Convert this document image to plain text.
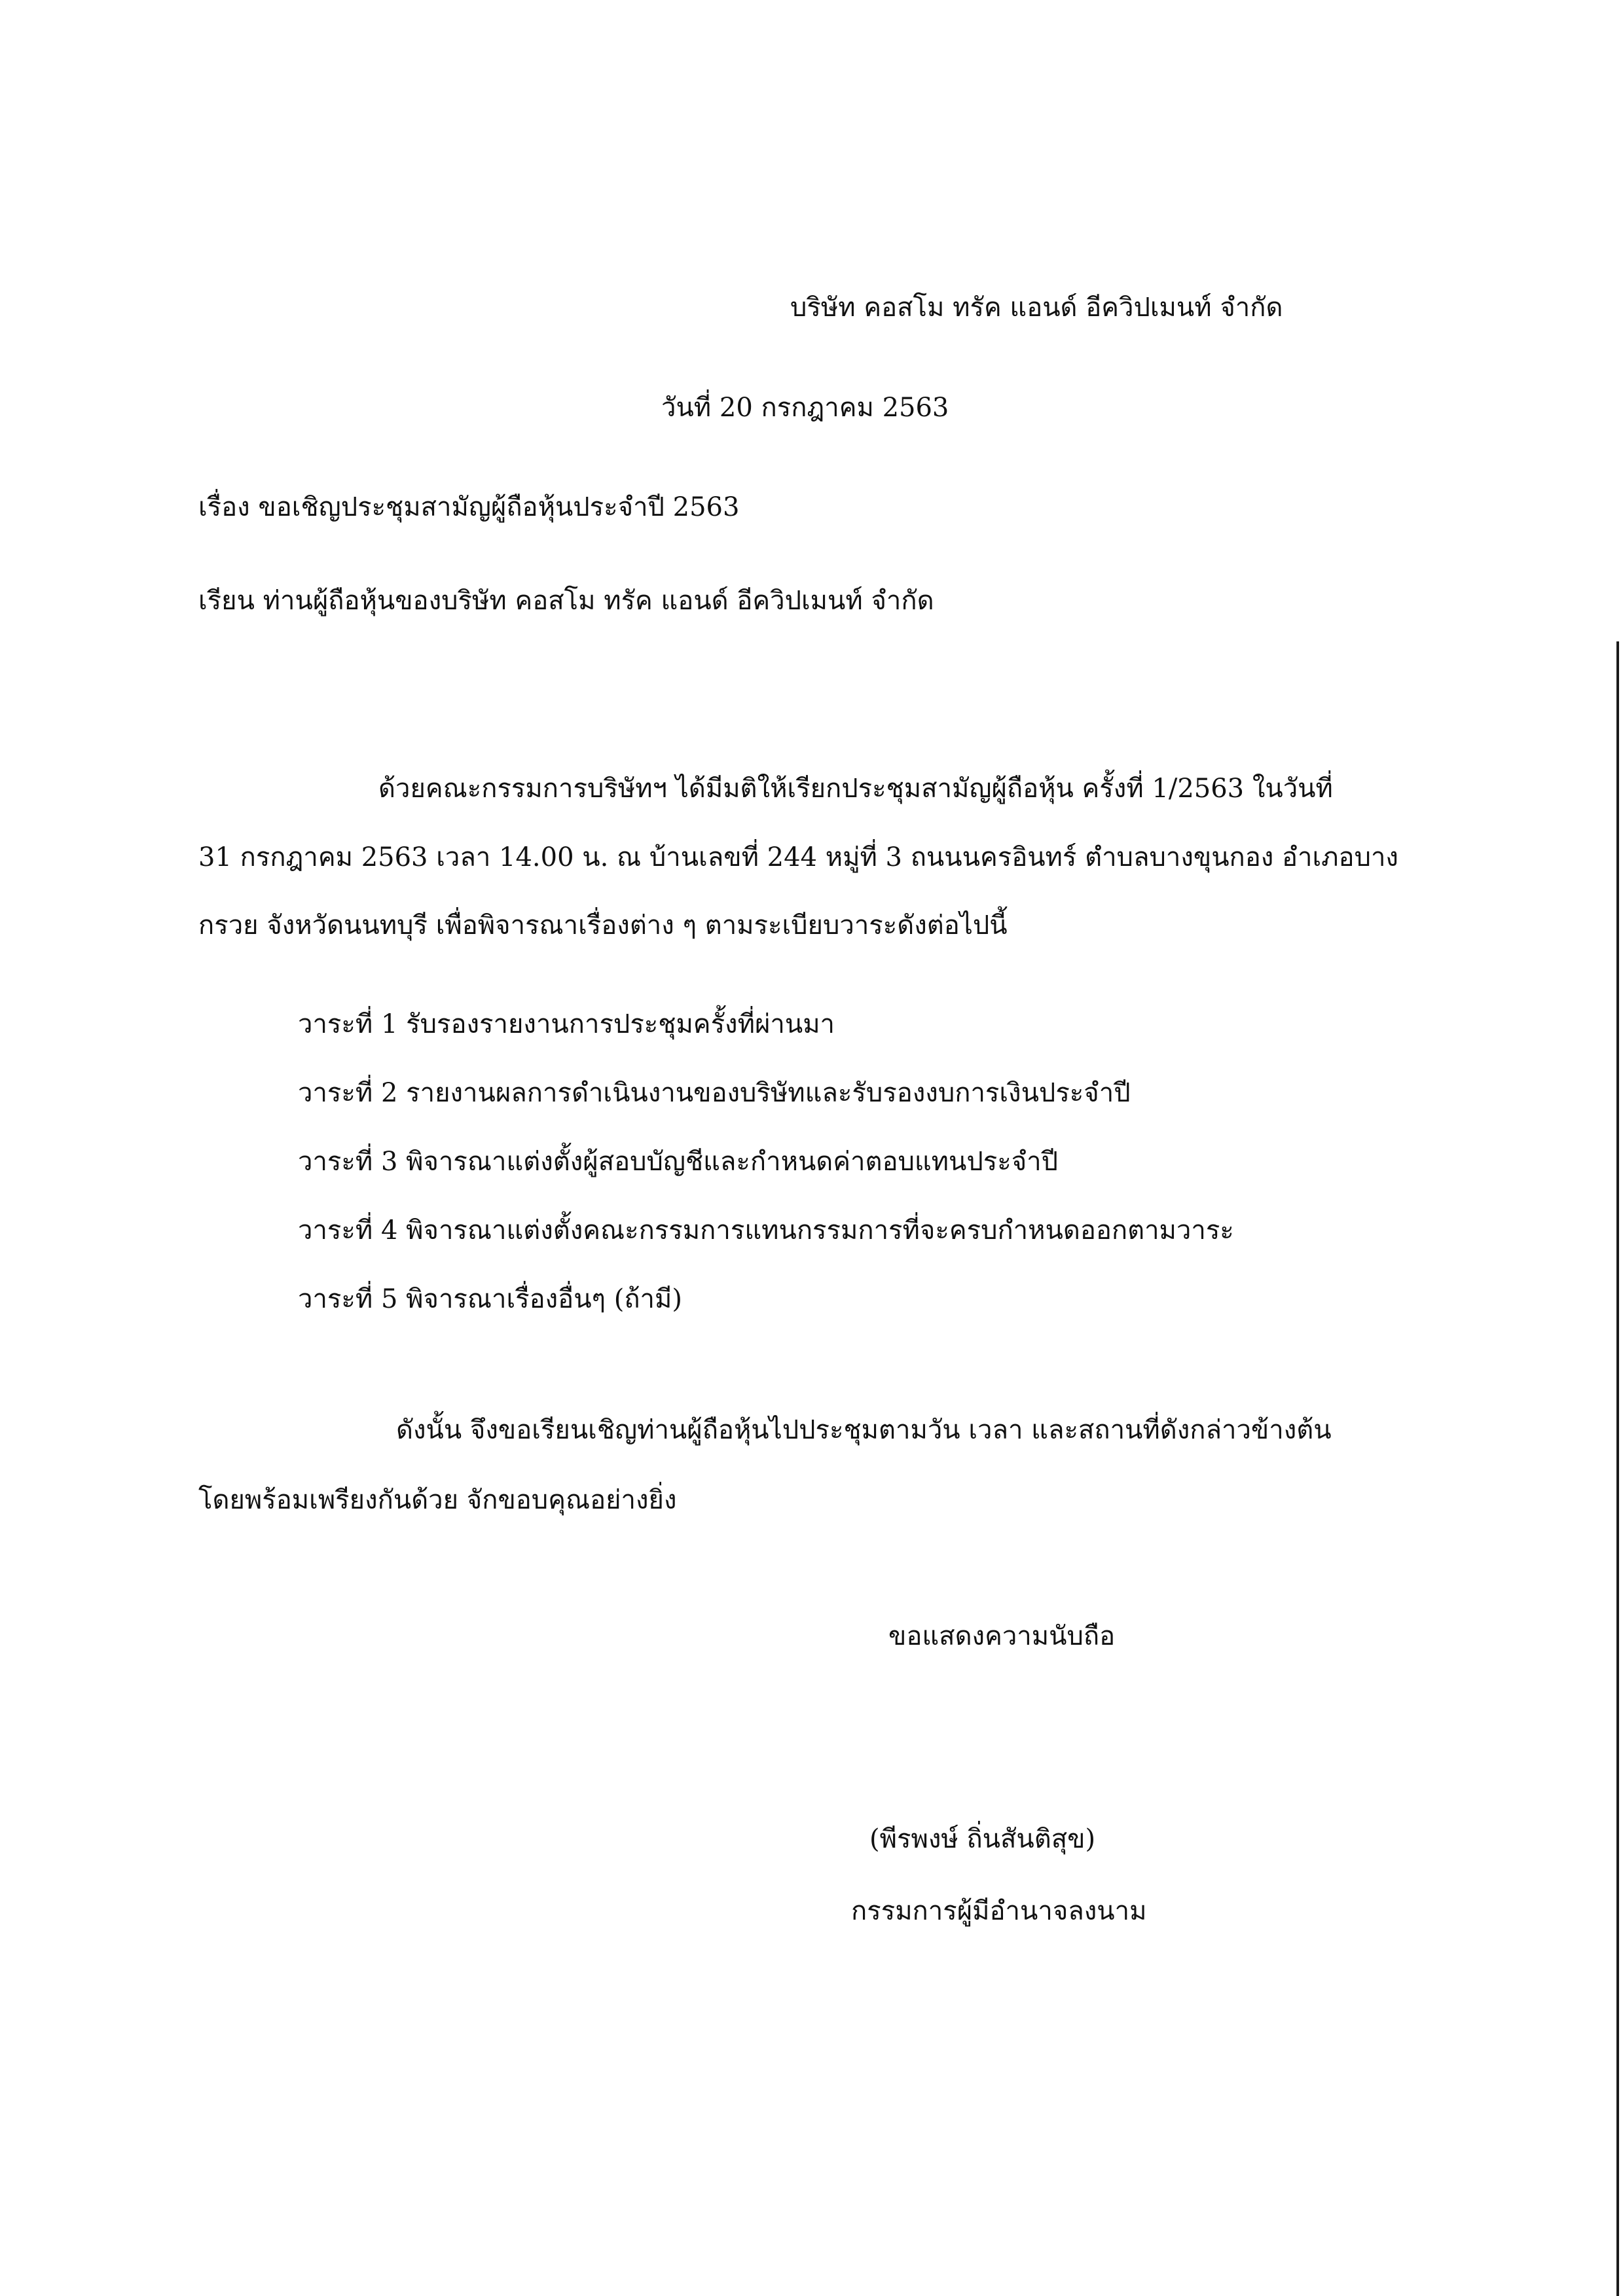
บริษัท คอสโม ทรัค แอนด์ อีควิปเมนท์ จำกัด
วันที่ 20 กรกฎาคม 2563
เรื่อง ขอเชิญประชุมสามัญผู้ถือหุ้นประจำปี 2563
เรียน ท่านผู้ถือหุ้นของบริษัท คอสโม ทรัค แอนด์ อีควิปเมนท์ จำกัด
ด้วยคณะกรรมการบริษัทฯ ได้มีมติให้เรียกประชุมสามัญผู้ถือหุ้น ครั้งที่ 1/2563 ในวันที่
31 กรกฎาคม 2563 เวลา 14.00 น. ณ บ้านเลขที่ 244 หมู่ที่ 3 ถนนนครอินทร์ ตำบลบางขุนกอง อำเภอบาง
กรวย จังหวัดนนทบุรี เพื่อพิจารณาเรื่องต่าง ๆ ตามระเบียบวาระดังต่อไปนี้
วาระที่ 1 รับรองรายงานการประชุมครั้งที่ผ่านมา
วาระที่ 2 รายงานผลการดำเนินงานของบริษัทและรับรองงบการเงินประจำปี
วาระที่ 3 พิจารณาแต่งตั้งผู้สอบบัญชีและกำหนดค่าตอบแทนประจำปี
วาระที่ 4 พิจารณาแต่งตั้งคณะกรรมการแทนกรรมการที่จะครบกำหนดออกตามวาระ
วาระที่ 5 พิจารณาเรื่องอื่นๆ (ถ้ามี)
ดังนั้น จึงขอเรียนเชิญท่านผู้ถือหุ้นไปประชุมตามวัน เวลา และสถานที่ดังกล่าวข้างต้น
โดยพร้อมเพรียงกันด้วย จักขอบคุณอย่างยิ่ง
ขอแสดงความนับถือ
(พีรพงษ์ ถิ่นสันติสุข)
กรรมการผู้มีอำนาจลงนาม
